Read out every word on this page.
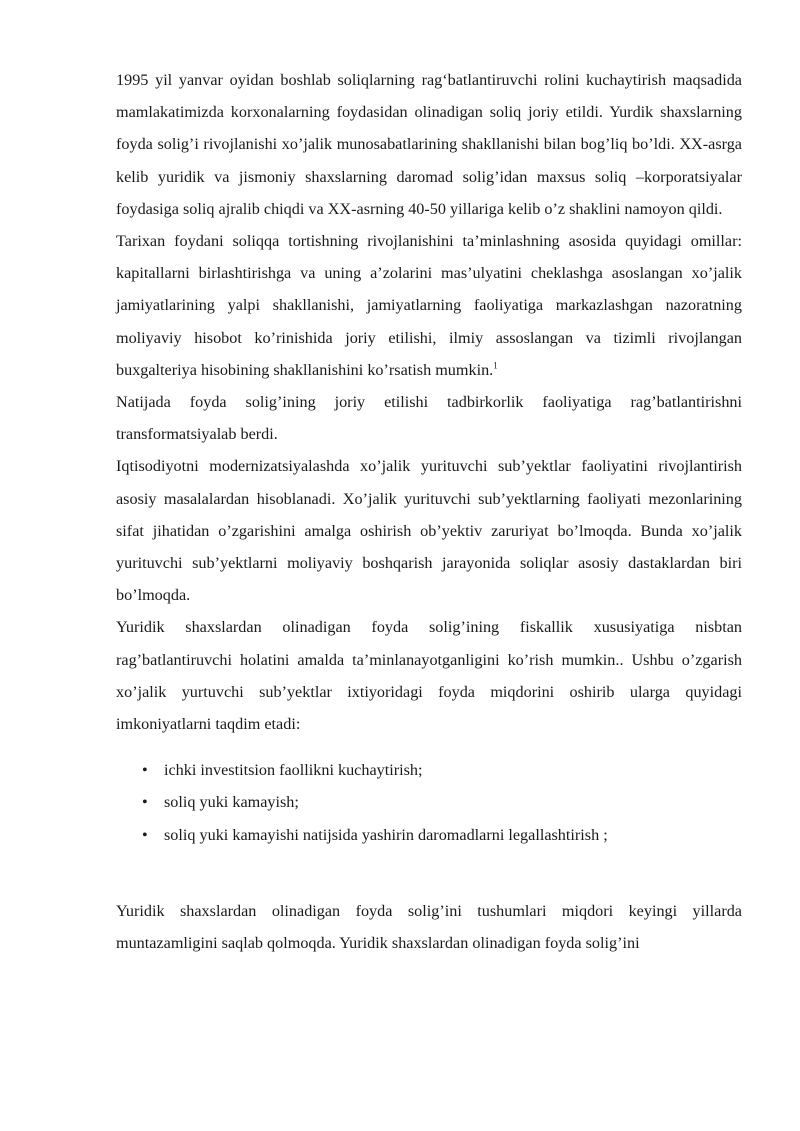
1995 yil yanvar oyidan boshlab soliqlarning rag‘batlantiruvchi rolini kuchaytirish maqsadida mamlakatimizda korxonalarning foydasidan olinadigan soliq joriy etildi. Yurdik shaxslarning foyda solig’i rivojlanishi xo’jalik munosabatlarining shakllanishi bilan bog’liq bo’ldi. XX-asrga kelib yuridik va jismoniy shaxslarning daromad solig’idan maxsus soliq –korporatsiyalar foydasiga soliq ajralib chiqdi va XX-asrning 40-50 yillariga kelib o’z shaklini namoyon qildi.

Tarixan foydani soliqqa tortishning rivojlanishini ta’minlashning asosida quyidagi omillar: kapitallarni birlashtirishga va uning a’zolarini mas’ulyatini cheklashga asoslangan xo’jalik jamiyatlarining yalpi shakllanishi, jamiyatlarning faoliyatiga markazlashgan nazoratning moliyaviy hisobot ko’rinishida joriy etilishi, ilmiy assoslangan va tizimli rivojlangan buxgalteriya hisobining shakllanishini ko’rsatish mumkin.$^1$

Natijada foyda solig’ining joriy etilishi tadbirkorlik faoliyatiga rag’batlantirishni transformatsiyalab berdi.

Iqtisodiyotni modernizatsiyalashda xo’jalik yurituvchi sub’yektlar faoliyatini rivojlantirish asosiy masalalardan hisoblanadi. Xo’jalik yurituvchi sub’yektlarning faoliyati mezonlarining sifat jihatidan o’zgarishini amalga oshirish ob’yektiv zaruriyat bo’lmoqda. Bunda xo’jalik yurituvchi sub’yektlarni moliyaviy boshqarish jarayonida soliqlar asosiy dastaklardan biri bo’lmoqda.

Yuridik shaxslardan olinadigan foyda solig’ining fiskallik xususiyatiga nisbtan rag’batlantiruvchi holatini amalda ta’minlanayotganligini ko’rish mumkin.. Ushbu o’zgarish xo’jalik yurtuvchi sub’yektlar ixtiyoridagi foyda miqdorini oshirib ularga quyidagi imkoniyatlarni taqdim etadi:

• ichki investitsion faollikni kuchaytirish;
• soliq yuki kamayish;
• soliq yuki kamayishi natijsida yashirin daromadlarni legallashtirish ;

Yuridik shaxslardan olinadigan foyda solig’ini tushumlari miqdori keyingi yillarda muntazamligini saqlab qolmoqda. Yuridik shaxslardan olinadigan foyda solig’ini
